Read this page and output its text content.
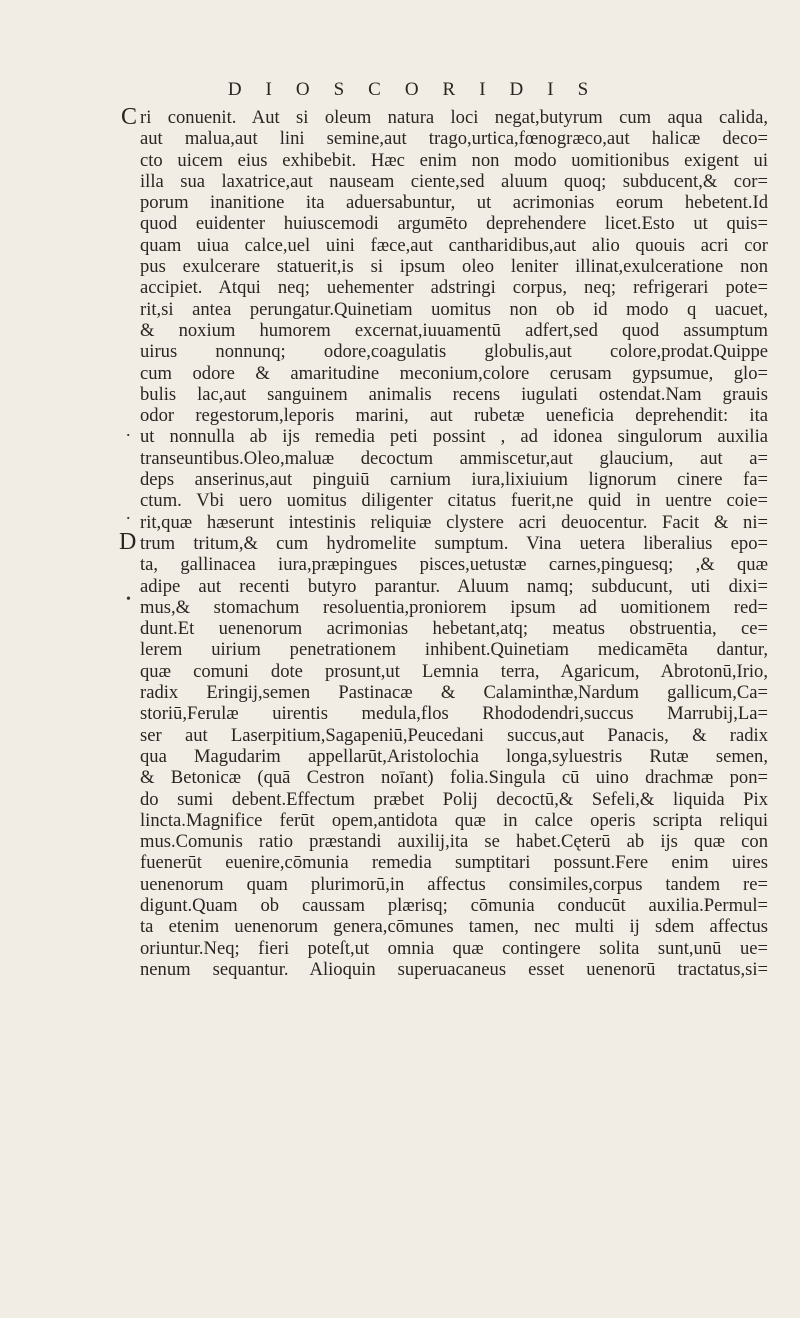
DIOSCORIDIS
C
D
.
.
•
ri conuenit. Aut si oleum natura loci negat,butyrum cum aqua calida,
aut malua,aut lini semine,aut trago,urtica,fœnogræco,aut halicæ deco=
cto uicem eius exhibebit. Hæc enim non modo uomitionibus exigent ui
illa sua laxatrice,aut nauseam ciente,sed aluum quoq; subducent,& cor=
porum inanitione ita aduersabuntur, ut acrimonias eorum hebetent.Id
quod euidenter huiuscemodi argumēto deprehendere licet.Esto ut quis=
quam uiua calce,uel uini fæce,aut cantharidibus,aut alio quouis acri cor
pus exulcerare statuerit,is si ipsum oleo leniter illinat,exulceratione non
accipiet. Atqui neq; uehementer adstringi corpus, neq; refrigerari pote=
rit,si antea perungatur.Quinetiam uomitus non ob id modo q uacuet,
& noxium humorem excernat,iuuamentū adfert,sed quod assumptum
uirus nonnunq; odore,coagulatis globulis,aut colore,prodat.Quippe
cum odore & amaritudine meconium,colore cerusam gypsumue, glo=
bulis lac,aut sanguinem animalis recens iugulati ostendat.Nam grauis
odor regestorum,leporis marini, aut rubetæ ueneficia deprehendit: ita
ut nonnulla ab ijs remedia peti possint , ad idonea singulorum auxilia
transeuntibus.Oleo,maluæ decoctum ammiscetur,aut glaucium, aut a=
deps anserinus,aut pinguiū carnium iura,lixiuium lignorum cinere fa=
ctum. Vbi uero uomitus diligenter citatus fuerit,ne quid in uentre coie=
rit,quæ hæserunt intestinis reliquiæ clystere acri deuocentur. Facit & ni=
trum tritum,& cum hydromelite sumptum. Vina uetera liberalius epo=
ta, gallinacea iura,præpingues pisces,uetustæ carnes,pinguesq; ,& quæ
adipe aut recenti butyro parantur. Aluum namq; subducunt, uti dixi=
mus,& stomachum resoluentia,proniorem ipsum ad uomitionem red=
dunt.Et uenenorum acrimonias hebetant,atq; meatus obstruentia, ce=
lerem uirium penetrationem inhibent.Quinetiam medicamēta dantur,
quæ comuni dote prosunt,ut Lemnia terra, Agaricum, Abrotonū,Irio,
radix Eringij,semen Pastinacæ & Calaminthæ,Nardum gallicum,Ca=
storiū,Ferulæ uirentis medula,flos Rhododendri,succus Marrubij,La=
ser aut Laserpitium,Sagapeniū,Peucedani succus,aut Panacis, & radix
qua Magudarim appellarūt,Aristolochia longa,syluestris Rutæ semen,
& Betonicæ (quā Cestron noīant) folia.Singula cū uino drachmæ pon=
do sumi debent.Effectum præbet Polij decoctū,& Sefeli,& liquida Pix
lincta.Magnifice ferūt opem,antidota quæ in calce operis scripta reliqui
mus.Comunis ratio præstandi auxilij,ita se habet.Cęterū ab ijs quæ con
fuenerūt euenire,cōmunia remedia sumptitari possunt.Fere enim uires
uenenorum quam plurimorū,in affectus consimiles,corpus tandem re=
digunt.Quam ob caussam plærisq; cōmunia conducūt auxilia.Permul=
ta etenim uenenorum genera,cōmunes tamen, nec multi ij sdem affectus
oriuntur.Neq; fieri poteſt,ut omnia quæ contingere solita sunt,unū ue=
nenum sequantur. Alioquin superuacaneus esset uenenorū tractatus,si=
